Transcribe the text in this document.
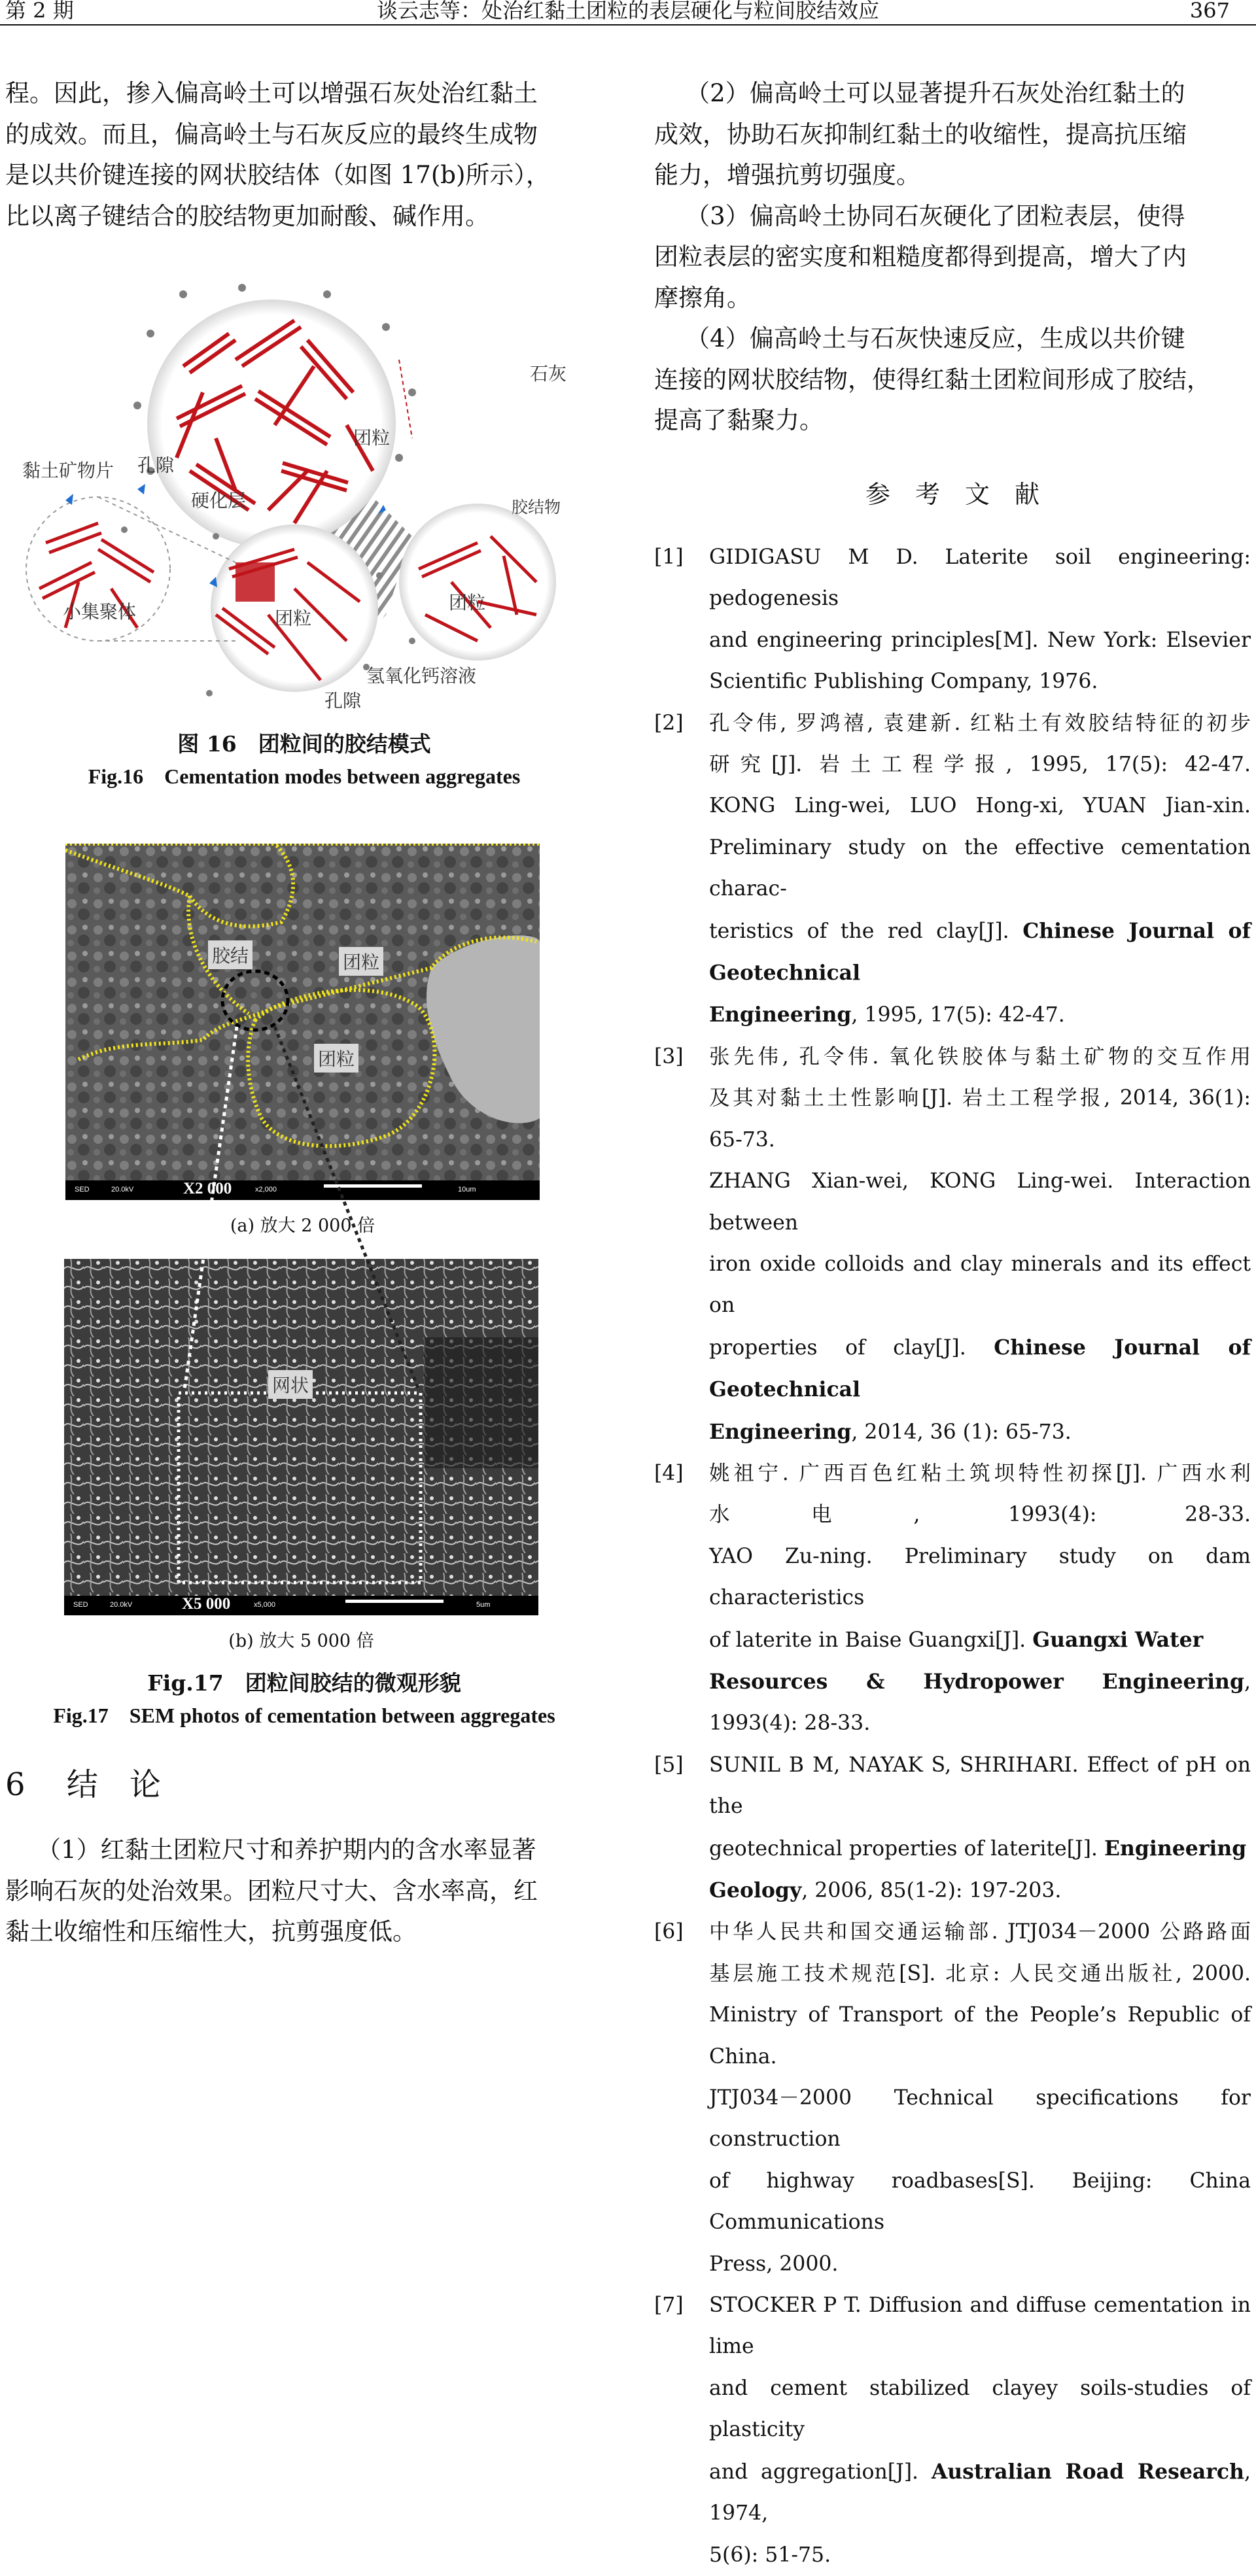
第 2 期	谈云志等：处治红黏土团粒的表层硬化与粒间胶结效应	367

程。因此，掺入偏高岭土可以增强石灰处治红黏土

的成效。而且，偏高岭土与石灰反应的最终生成物

是以共价键连接的网状胶结体（如图 17(b)所示），

比以离子键结合的胶结物更加耐酸、碱作用。

石灰
团粒
黏土矿物片 孔隙
硬化层	胶结物
团粒
团粒
小集聚体
氢氧化钙溶液
孔隙
图 16　团粒间的胶结模式
Fig.16　Cementation modes between aggregates
胶结	团粒
团粒
SED	20.0kV	x2,000	10um
X2 000
(a) 放大 2 000 倍
网状
SED	20.0kV	x5,000	5um
X5 000
(b) 放大 5 000 倍
Fig.17　团粒间胶结的微观形貌
Fig.17　SEM photos of cementation between aggregates
6 结　论

（1）红黏土团粒尺寸和养护期内的含水率显著

影响石灰的处治效果。团粒尺寸大、含水率高，红

黏土收缩性和压缩性大，抗剪强度低。

（2）偏高岭土可以显著提升石灰处治红黏土的

成效，协助石灰抑制红黏土的收缩性，提高抗压缩

能力，增强抗剪切强度。

（3）偏高岭土协同石灰硬化了团粒表层，使得

团粒表层的密实度和粗糙度都得到提高，增大了内

摩擦角。

（4）偏高岭土与石灰快速反应，生成以共价键

连接的网状胶结物，使得红黏土团粒间形成了胶结，

提高了黏聚力。

参　考　文　献
[1] GIDIGASU M D. Laterite soil engineering: pedogenesis
and engineering principles[M]. New York: Elsevier
Scientific Publishing Company, 1976.
[2] 孔令伟, 罗鸿禧, 袁建新. 红粘土有效胶结特征的初步
研究[J]. 岩土工程学报, 1995, 17(5): 42-47.
KONG Ling-wei, LUO Hong-xi, YUAN Jian-xin.
Preliminary study on the effective cementation charac-
teristics of the red clay[J]. Chinese Journal of Geotechnical
Engineering, 1995, 17(5): 42-47.
[3] 张先伟, 孔令伟. 氧化铁胶体与黏土矿物的交互作用
及其对黏土土性影响[J]. 岩土工程学报, 2014, 36(1):
65-73.
ZHANG Xian-wei, KONG Ling-wei. Interaction between
iron oxide colloids and clay minerals and its effect on
properties of clay[J]. Chinese Journal of Geotechnical
Engineering, 2014, 36 (1): 65-73.
[4] 姚祖宁. 广西百色红粘土筑坝特性初探[J]. 广西水利
水电, 1993(4): 28-33.
YAO Zu-ning. Preliminary study on dam characteristics
of laterite in Baise Guangxi[J]. Guangxi Water
Resources & Hydropower Engineering, 1993(4): 28-33.
[5] SUNIL B M, NAYAK S, SHRIHARI. Effect of pH on the
geotechnical properties of laterite[J]. Engineering
Geology, 2006, 85(1-2): 197-203.
[6] 中华人民共和国交通运输部. JTJ034－2000 公路路面
基层施工技术规范[S]. 北京: 人民交通出版社, 2000.
Ministry of Transport of the People’s Republic of China.
JTJ034－2000 Technical specifications for construction
of highway roadbases[S]. Beijing: China Communications
Press, 2000.
[7] STOCKER P T. Diffusion and diffuse cementation in lime
and cement stabilized clayey soils-studies of plasticity
and aggregation[J]. Australian Road Research, 1974,
5(6): 51-75.
